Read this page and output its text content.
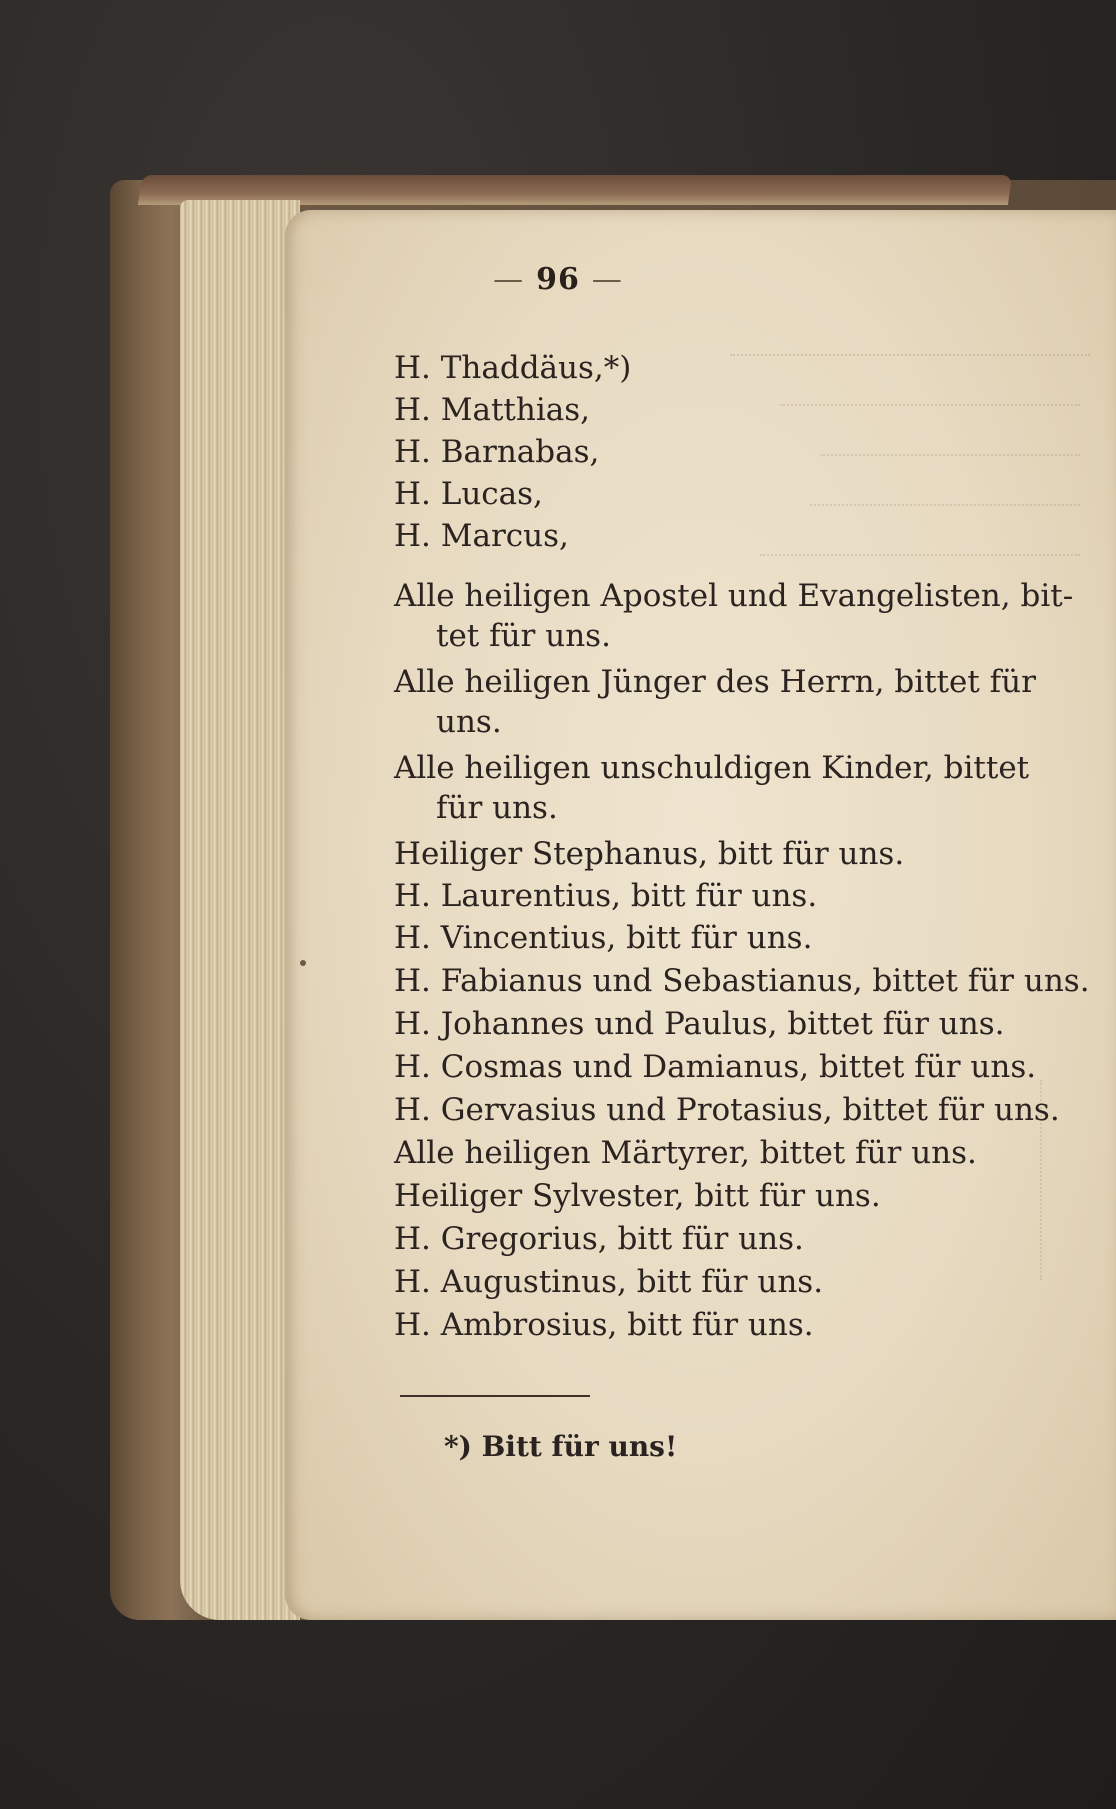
— 96 —
H. Thaddäus,*)
H. Matthias,
H. Barnabas,
H. Lucas,
H. Marcus,
Alle heiligen Apostel und Evangelisten, bit-
tet für uns.
Alle heiligen Jünger des Herrn, bittet für
uns.
Alle heiligen unschuldigen Kinder, bittet
für uns.
Heiliger Stephanus, bitt für uns.
H. Laurentius, bitt für uns.
H. Vincentius, bitt für uns.
H. Fabianus und Sebastianus, bittet für uns.
H. Johannes und Paulus, bittet für uns.
H. Cosmas und Damianus, bittet für uns.
H. Gervasius und Protasius, bittet für uns.
Alle heiligen Märtyrer, bittet für uns.
Heiliger Sylvester, bitt für uns.
H. Gregorius, bitt für uns.
H. Augustinus, bitt für uns.
H. Ambrosius, bitt für uns.
*) Bitt für uns!
